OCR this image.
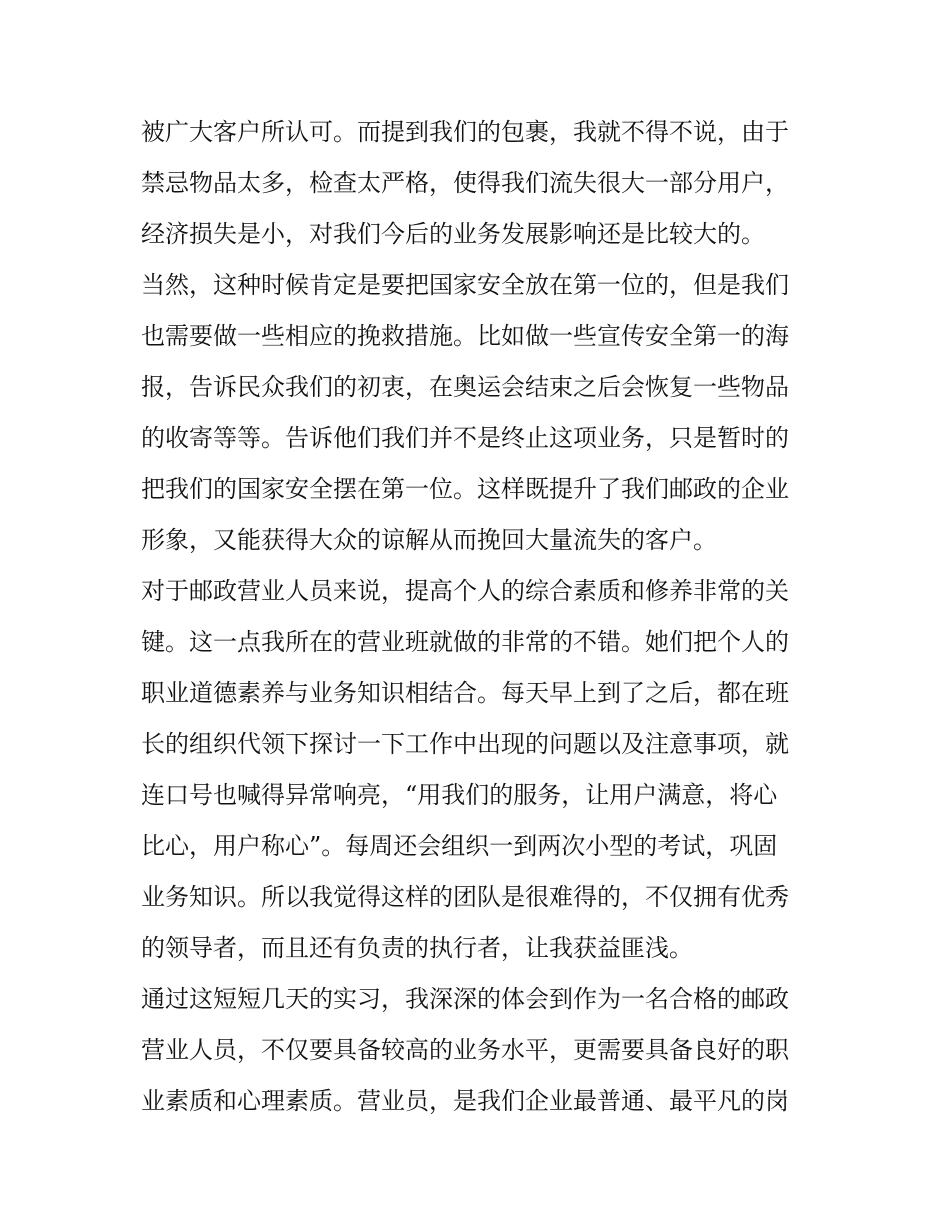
被广大客户所认可。而提到我们的包裹，我就不得不说，由于
禁忌物品太多，检查太严格，使得我们流失很大一部分用户，
经济损失是小，对我们今后的业务发展影响还是比较大的。
当然，这种时候肯定是要把国家安全放在第一位的，但是我们
也需要做一些相应的挽救措施。比如做一些宣传安全第一的海
报，告诉民众我们的初衷，在奥运会结束之后会恢复一些物品
的收寄等等。告诉他们我们并不是终止这项业务，只是暂时的
把我们的国家安全摆在第一位。这样既提升了我们邮政的企业
形象，又能获得大众的谅解从而挽回大量流失的客户。
对于邮政营业人员来说，提高个人的综合素质和修养非常的关
键。这一点我所在的营业班就做的非常的不错。她们把个人的
职业道德素养与业务知识相结合。每天早上到了之后，都在班
长的组织代领下探讨一下工作中出现的问题以及注意事项，就
连口号也喊得异常响亮，“用我们的服务，让用户满意，将心
比心，用户称心”。每周还会组织一到两次小型的考试，巩固
业务知识。所以我觉得这样的团队是很难得的，不仅拥有优秀
的领导者，而且还有负责的执行者，让我获益匪浅。
通过这短短几天的实习，我深深的体会到作为一名合格的邮政
营业人员，不仅要具备较高的业务水平，更需要具备良好的职
业素质和心理素质。营业员，是我们企业最普通、最平凡的岗
